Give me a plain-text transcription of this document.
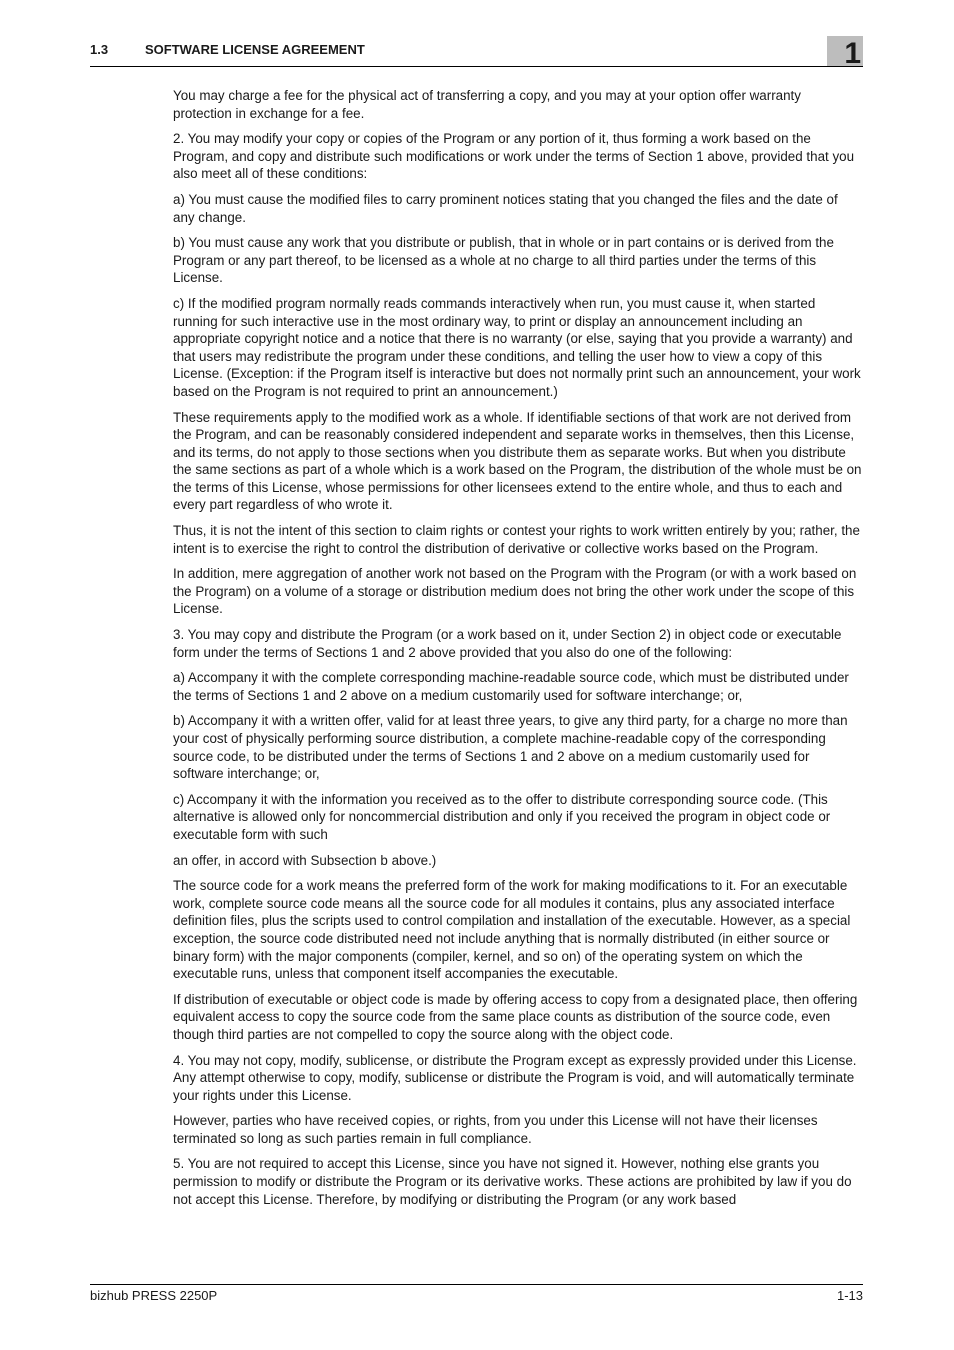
1.3	SOFTWARE LICENSE AGREEMENT	1

You may charge a fee for the physical act of transferring a copy, and you may at your option offer warranty protection in exchange for a fee.

2. You may modify your copy or copies of the Program or any portion of it, thus forming a work based on the Program, and copy and distribute such modifications or work under the terms of Section 1 above, provided that you also meet all of these conditions:

a) You must cause the modified files to carry prominent notices stating that you changed the files and the date of any change.

b) You must cause any work that you distribute or publish, that in whole or in part contains or is derived from the Program or any part thereof, to be licensed as a whole at no charge to all third parties under the terms of this License.

c) If the modified program normally reads commands interactively when run, you must cause it, when started running for such interactive use in the most ordinary way, to print or display an announcement including an appropriate copyright notice and a notice that there is no warranty (or else, saying that you provide a warranty) and that users may redistribute the program under these conditions, and telling the user how to view a copy of this License. (Exception: if the Program itself is interactive but does not normally print such an announcement, your work based on the Program is not required to print an announcement.)

These requirements apply to the modified work as a whole. If identifiable sections of that work are not derived from the Program, and can be reasonably considered independent and separate works in themselves, then this License, and its terms, do not apply to those sections when you distribute them as separate works. But when you distribute the same sections as part of a whole which is a work based on the Program, the distribution of the whole must be on the terms of this License, whose permissions for other licensees extend to the entire whole, and thus to each and every part regardless of who wrote it.

Thus, it is not the intent of this section to claim rights or contest your rights to work written entirely by you; rather, the intent is to exercise the right to control the distribution of derivative or collective works based on the Program.

In addition, mere aggregation of another work not based on the Program with the Program (or with a work based on the Program) on a volume of a storage or distribution medium does not bring the other work under the scope of this License.

3. You may copy and distribute the Program (or a work based on it, under Section 2) in object code or executable form under the terms of Sections 1 and 2 above provided that you also do one of the following:

a) Accompany it with the complete corresponding machine-readable source code, which must be distributed under the terms of Sections 1 and 2 above on a medium customarily used for software interchange; or,

b) Accompany it with a written offer, valid for at least three years, to give any third party, for a charge no more than your cost of physically performing source distribution, a complete machine-readable copy of the corresponding source code, to be distributed under the terms of Sections 1 and 2 above on a medium customarily used for software interchange; or,

c) Accompany it with the information you received as to the offer to distribute corresponding source code. (This alternative is allowed only for noncommercial distribution and only if you received the program in object code or executable form with such

an offer, in accord with Subsection b above.)

The source code for a work means the preferred form of the work for making modifications to it. For an executable work, complete source code means all the source code for all modules it contains, plus any associated interface definition files, plus the scripts used to control compilation and installation of the executable. However, as a special exception, the source code distributed need not include anything that is normally distributed (in either source or binary form) with the major components (compiler, kernel, and so on) of the operating system on which the executable runs, unless that component itself accompanies the executable.

If distribution of executable or object code is made by offering access to copy from a designated place, then offering equivalent access to copy the source code from the same place counts as distribution of the source code, even though third parties are not compelled to copy the source along with the object code.

4. You may not copy, modify, sublicense, or distribute the Program except as expressly provided under this License. Any attempt otherwise to copy, modify, sublicense or distribute the Program is void, and will automatically terminate your rights under this License.

However, parties who have received copies, or rights, from you under this License will not have their licenses terminated so long as such parties remain in full compliance.

5. You are not required to accept this License, since you have not signed it. However, nothing else grants you permission to modify or distribute the Program or its derivative works. These actions are prohibited by law if you do not accept this License. Therefore, by modifying or distributing the Program (or any work based

bizhub PRESS 2250P	1-13
